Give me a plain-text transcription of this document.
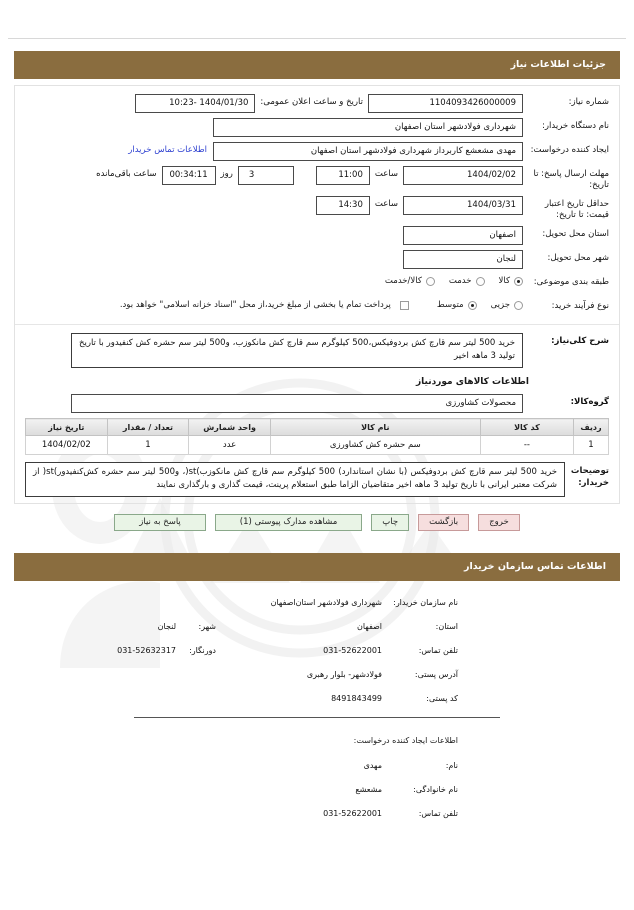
جزئیات اطلاعات نیاز
شماره نیاز:
1104093426000009
تاریخ و ساعت اعلان عمومی:
1404/01/30 -10:23
نام دستگاه خریدار:
شهرداری فولادشهر استان اصفهان
ایجاد کننده درخواست:
مهدی مشعشع کاربرداز شهرداری فولادشهر استان اصفهان
اطلاعات تماس خریدار
مهلت ارسال پاسخ: تا تاریخ:
1404/02/02
ساعت
11:00
3
روز
00:34:11
ساعت باقی‌مانده
حداقل تاریخ اعتبار قیمت: تا تاریخ:
1404/03/31
ساعت
14:30
استان محل تحویل:
اصفهان
شهر محل تحویل:
لنجان
طبقه بندی موضوعی:
کالا
خدمت
کالا/خدمت
نوع فرآیند خرید:
جزیی
متوسط
پرداخت تمام یا بخشی از مبلغ خرید،از محل "اسناد خزانه اسلامی" خواهد بود.
شرح کلی‌نیاز:
خرید 500 لیتر سم قارچ کش بردوفیکس،500 کیلوگرم سم قارچ کش مانکوزب، و500 لیتر سم حشره کش کنفیدور با تاریخ تولید 3 ماهه اخیر
اطلاعات کالاهای موردنیاز
گروه‌کالا:
محصولات کشاورزی
ردیف	کد کالا	نام کالا	واحد شمارش	تعداد / مقدار	تاریخ نیاز
1	--	سم حشره کش کشاورزی	عدد	1	1404/02/02
توضیحات خریدار:
خرید 500 لیتر سم قارچ کش بردوفیکس (با نشان استاندارد) 500 کیلوگرم سم قارچ کش مانکوزب)st(، و500 لیتر سم حشره کش‌کنفیدور)st( از شرکت معتبر ایرانی با تاریخ تولید 3 ماهه اخیر متقاضیان الزاما طبق استعلام پرینت، قیمت گذاری و بارگذاری نمایند
خروج
بازگشت
چاپ
مشاهده مدارک پیوستی (1)
پاسخ به نیاز
اطلاعات تماس سازمان خریدار
نام سازمان خریدار:
شهرداری فولادشهر استان‌اصفهان
استان:
اصفهان
شهر:
لنجان
تلفن تماس:
031-52622001
دورنگار:
031-52632317
آدرس پستی:
فولادشهر- بلوار رهبری
کد پستی:
8491843499
اطلاعات ایجاد کننده درخواست:
نام:
مهدی
نام خانوادگی:
مشعشع
تلفن تماس:
031-52622001
